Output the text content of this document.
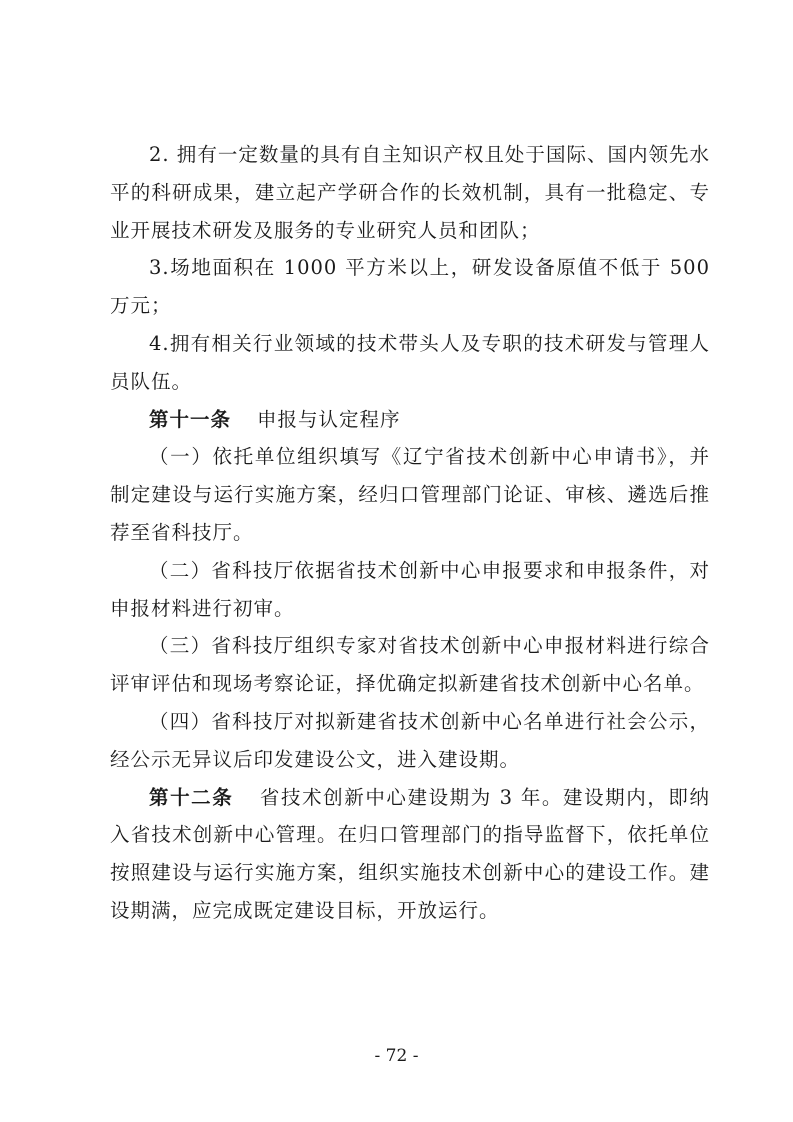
2. 拥有一定数量的具有自主知识产权且处于国际、国内领先水平的科研成果，建立起产学研合作的长效机制，具有一批稳定、专业开展技术研发及服务的专业研究人员和团队；

3.场地面积在 1000 平方米以上，研发设备原值不低于 500 万元；

4.拥有相关行业领域的技术带头人及专职的技术研发与管理人员队伍。

第十一条 申报与认定程序

（一）依托单位组织填写《辽宁省技术创新中心申请书》，并制定建设与运行实施方案，经归口管理部门论证、审核、遴选后推荐至省科技厅。

（二）省科技厅依据省技术创新中心申报要求和申报条件，对申报材料进行初审。

（三）省科技厅组织专家对省技术创新中心申报材料进行综合评审评估和现场考察论证，择优确定拟新建省技术创新中心名单。

（四）省科技厅对拟新建省技术创新中心名单进行社会公示，经公示无异议后印发建设公文，进入建设期。

第十二条 省技术创新中心建设期为 3 年。建设期内，即纳入省技术创新中心管理。在归口管理部门的指导监督下，依托单位按照建设与运行实施方案，组织实施技术创新中心的建设工作。建设期满，应完成既定建设目标，开放运行。

- 72 -
